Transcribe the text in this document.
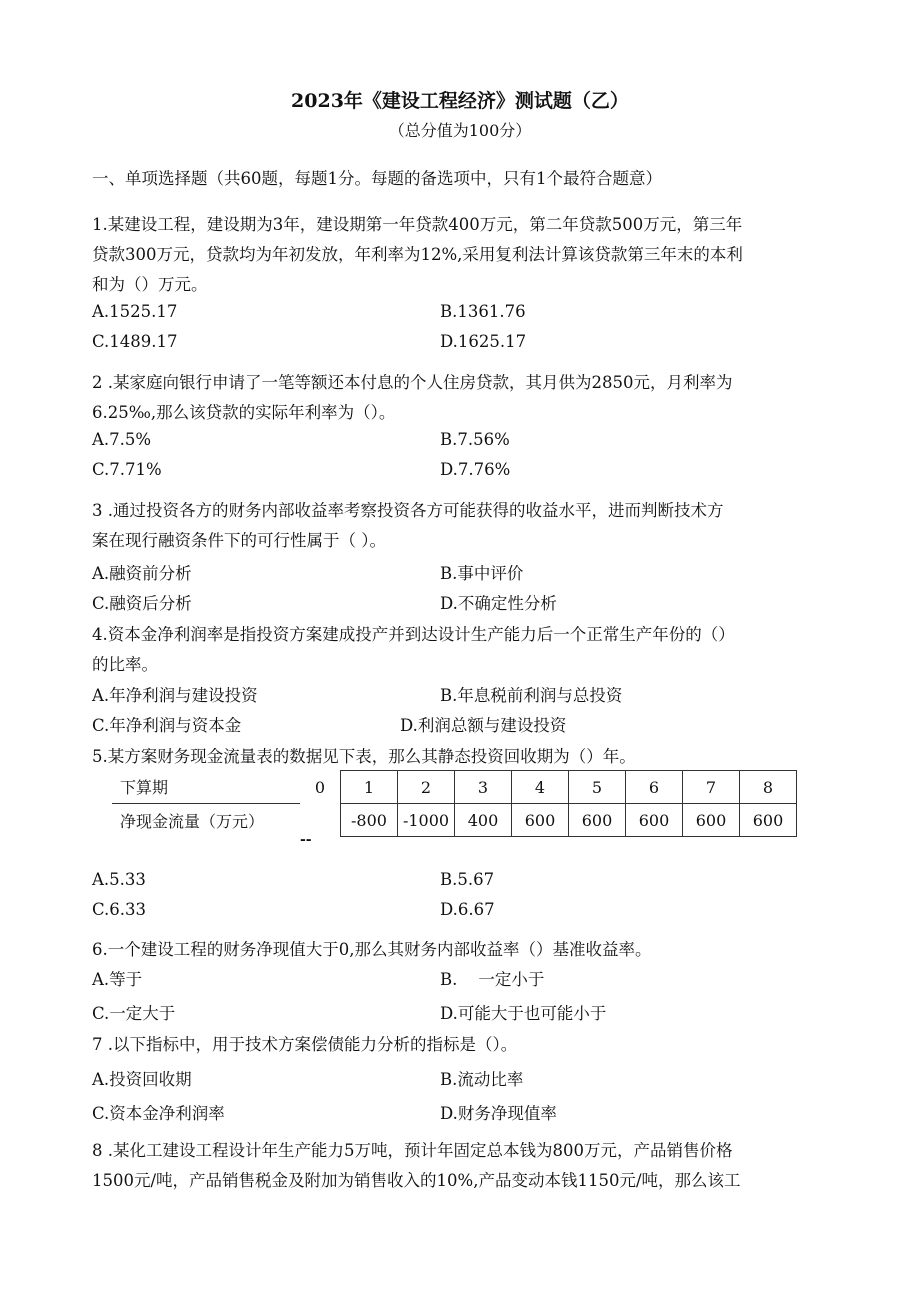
2023年《建设工程经济》测试题（乙）
（总分值为100分）
一、单项选择题（共60题，每题1分。每题的备选项中，只有1个最符合题意）
1.某建设工程，建设期为3年，建设期第一年贷款400万元，第二年贷款500万元，第三年
贷款300万元，贷款均为年初发放，年利率为12%,采用复利法计算该贷款第三年末的本利
和为（）万元。
A.1525.17	B.1361.76
C.1489.17	D.1625.17
2 .某家庭向银行申请了一笔等额还本付息的个人住房贷款，其月供为2850元，月利率为
6.25‰,那么该贷款的实际年利率为（）。
A.7.5%	B.7.56%
C.7.71%	D.7.76%
3 .通过投资各方的财务内部收益率考察投资各方可能获得的收益水平，进而判断技术方
案在现行融资条件下的可行性属于（ ）。
A.融资前分析	B.事中评价
C.融资后分析	D.不确定性分析
4.资本金净利润率是指投资方案建成投产并到达设计生产能力后一个正常生产年份的（）
的比率。
A.年净利润与建设投资	B.年息税前利润与总投资
C.年净利润与资本金	D.利润总额与建设投资
5.某方案财务现金流量表的数据见下表，那么其静态投资回收期为（）年。
下算期	0	1	2	3	4	5	6	7	8
净现金流量（万元）		-800	-1000	400	600	600	600	600	600
--
A.5.33	B.5.67
C.6.33	D.6.67
6.一个建设工程的财务净现值大于0,那么其财务内部收益率（）基准收益率。
A.等于	B.    一定小于
C.一定大于	D.可能大于也可能小于
7 .以下指标中，用于技术方案偿债能力分析的指标是（）。
A.投资回收期	B.流动比率
C.资本金净利润率	D.财务净现值率
8 .某化工建设工程设计年生产能力5万吨，预计年固定总本钱为800万元，产品销售价格
1500元/吨，产品销售税金及附加为销售收入的10%,产品变动本钱1150元/吨，那么该工
